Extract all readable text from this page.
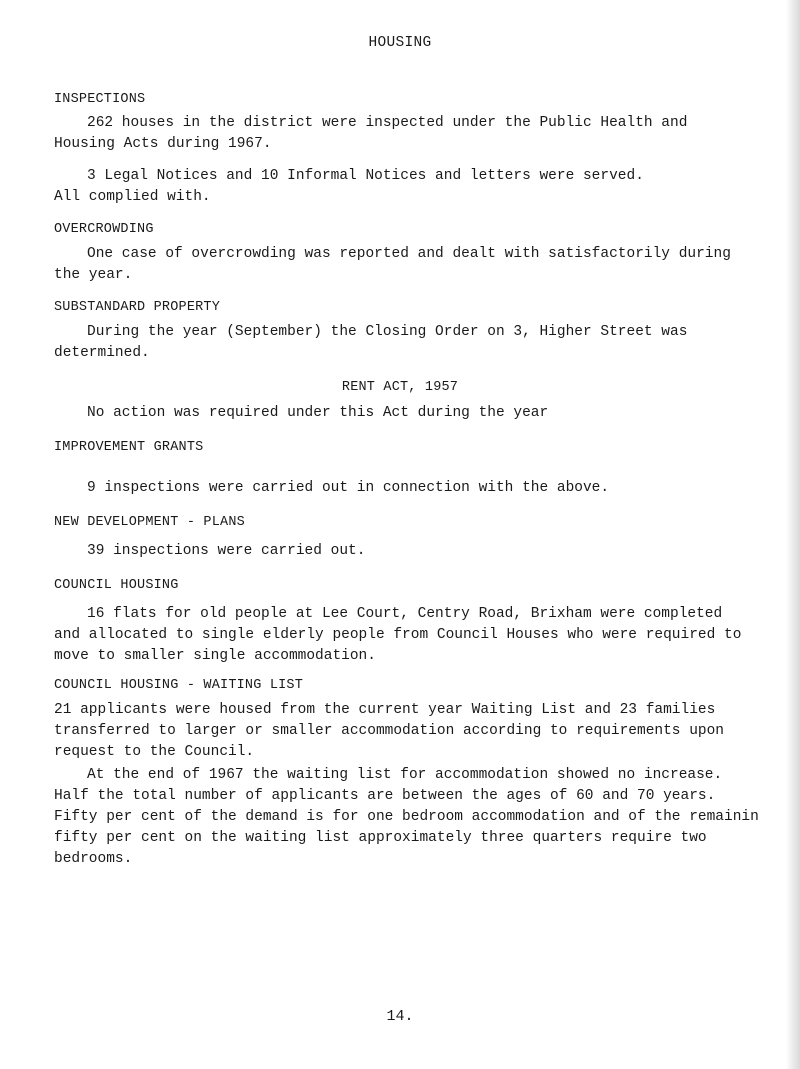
HOUSING
INSPECTIONS
262 houses in the district were inspected under the Public Health and
Housing Acts during 1967.
3 Legal Notices and 10 Informal Notices and letters were served.
All complied with.
OVERCROWDING
One case of overcrowding was reported and dealt with satisfactorily during
the year.
SUBSTANDARD PROPERTY
During the year (September) the Closing Order on 3, Higher Street was
determined.
RENT ACT, 1957
No action was required under this Act during the year
IMPROVEMENT GRANTS
9 inspections were carried out in connection with the above.
NEW DEVELOPMENT - PLANS
39 inspections were carried out.
COUNCIL HOUSING
16 flats for old people at Lee Court, Centry Road, Brixham were completed
and allocated to single elderly people from Council Houses who were required to
move to smaller single accommodation.
COUNCIL HOUSING - WAITING LIST
21 applicants were housed from the current year Waiting List and 23 families
transferred to larger or smaller accommodation according to requirements upon
request to the Council.
At the end of 1967 the waiting list for accommodation showed no increase.
Half the total number of applicants are between the ages of 60 and 70 years.
Fifty per cent of the demand is for one bedroom accommodation and of the remainin
fifty per cent on the waiting list approximately three quarters require two
bedrooms.
14.
